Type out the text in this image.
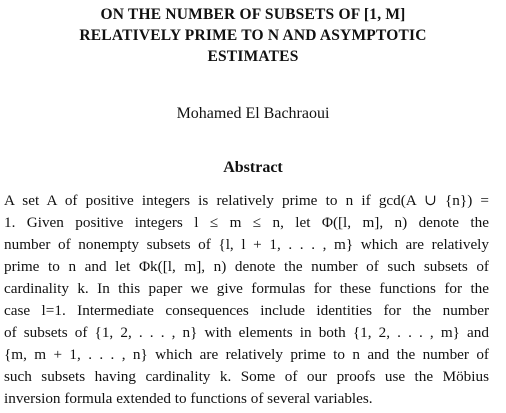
ON THE NUMBER OF SUBSETS OF [1, M]
RELATIVELY PRIME TO N AND ASYMPTOTIC
ESTIMATES
Mohamed El Bachraoui
Abstract
A set A of positive integers is relatively prime to n if gcd(A ∪ {n}) =
1. Given positive integers l ≤ m ≤ n, let Φ([l, m], n) denote the
number of nonempty subsets of {l, l + 1, . . . , m} which are relatively
prime to n and let Φk([l, m], n) denote the number of such subsets of
cardinality k. In this paper we give formulas for these functions for the
case l=1. Intermediate consequences include identities for the number
of subsets of {1, 2, . . . , n} with elements in both {1, 2, . . . , m} and
{m, m + 1, . . . , n} which are relatively prime to n and the number of
such subsets having cardinality k. Some of our proofs use the Möbius
inversion formula extended to functions of several variables.
